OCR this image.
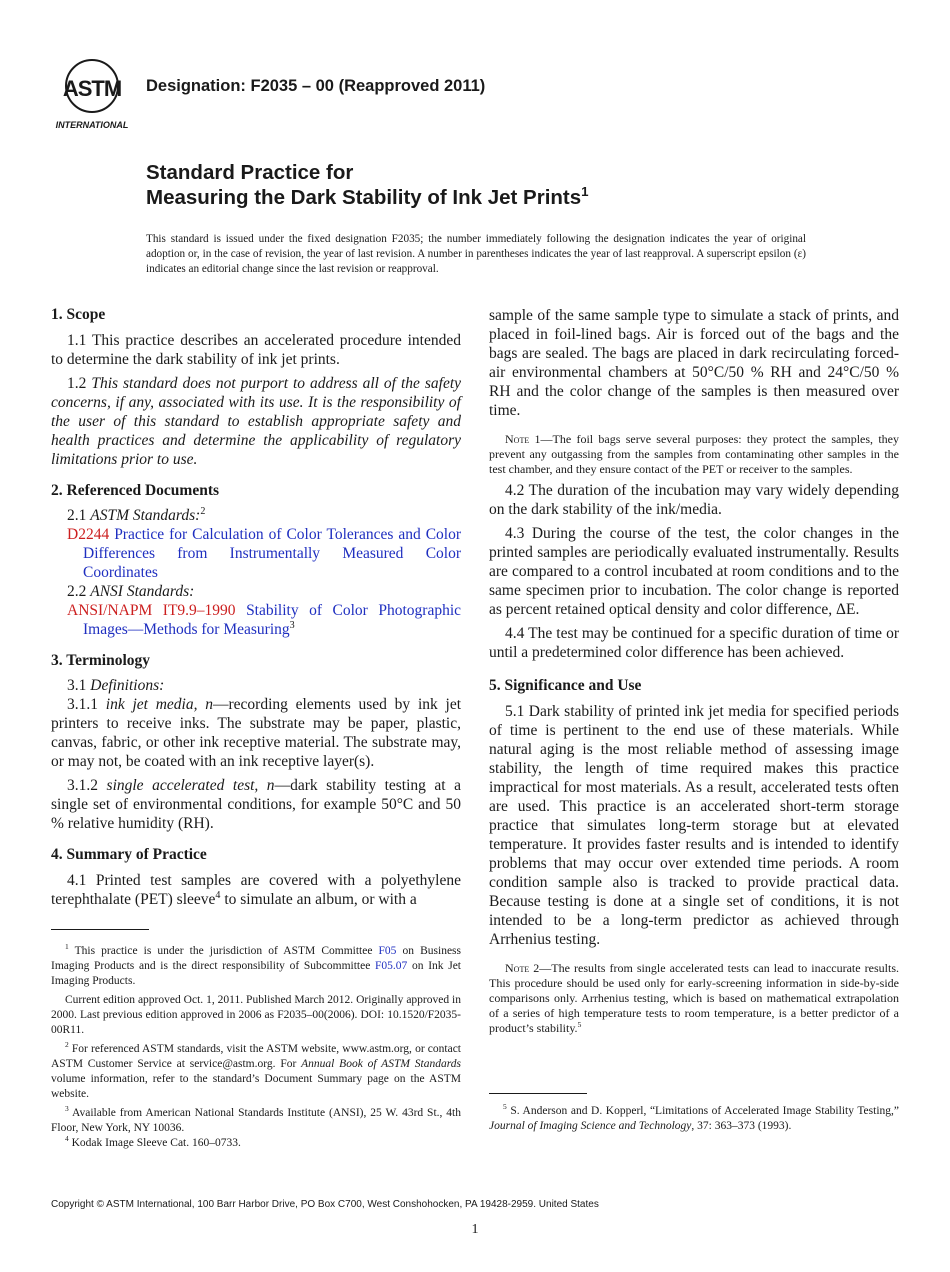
ASTM
INTERNATIONAL
Designation: F2035 – 00 (Reapproved 2011)
Standard Practice for
Measuring the Dark Stability of Ink Jet Prints$^1$
This standard is issued under the fixed designation F2035; the number immediately following the designation indicates the year of original adoption or, in the case of revision, the year of last revision. A number in parentheses indicates the year of last reapproval. A superscript epsilon (ε) indicates an editorial change since the last revision or reapproval.

1. Scope

1.1 This practice describes an accelerated procedure intended to determine the dark stability of ink jet prints.

1.2 This standard does not purport to address all of the safety concerns, if any, associated with its use. It is the responsibility of the user of this standard to establish appropriate safety and health practices and determine the applicability of regulatory limitations prior to use.

2. Referenced Documents

2.1 ASTM Standards:$^2$

D2244 Practice for Calculation of Color Tolerances and Color Differences from Instrumentally Measured Color Coordinates

2.2 ANSI Standards:

ANSI/NAPM IT9.9–1990 Stability of Color Photographic Images—Methods for Measuring$^3$

3. Terminology

3.1 Definitions:

3.1.1 ink jet media, n—recording elements used by ink jet printers to receive inks. The substrate may be paper, plastic, canvas, fabric, or other ink receptive material. The substrate may, or may not, be coated with an ink receptive layer(s).

3.1.2 single accelerated test, n—dark stability testing at a single set of environmental conditions, for example 50°C and 50 % relative humidity (RH).

4. Summary of Practice

4.1 Printed test samples are covered with a polyethylene terephthalate (PET) sleeve$^4$ to simulate an album, or with a

$^1$ This practice is under the jurisdiction of ASTM Committee F05 on Business Imaging Products and is the direct responsibility of Subcommittee F05.07 on Ink Jet Imaging Products.

Current edition approved Oct. 1, 2011. Published March 2012. Originally approved in 2000. Last previous edition approved in 2006 as F2035–00(2006). DOI: 10.1520/F2035-00R11.

$^2$ For referenced ASTM standards, visit the ASTM website, www.astm.org, or contact ASTM Customer Service at service@astm.org. For Annual Book of ASTM Standards volume information, refer to the standard’s Document Summary page on the ASTM website.

$^3$ Available from American National Standards Institute (ANSI), 25 W. 43rd St., 4th Floor, New York, NY 10036.

$^4$ Kodak Image Sleeve Cat. 160–0733.

sample of the same sample type to simulate a stack of prints, and placed in foil-lined bags. Air is forced out of the bags and the bags are sealed. The bags are placed in dark recirculating forced-air environmental chambers at 50°C/50 % RH and 24°C/50 % RH and the color change of the samples is then measured over time.

Note 1—The foil bags serve several purposes: they protect the samples, they prevent any outgassing from the samples from contaminating other samples in the test chamber, and they ensure contact of the PET or receiver to the samples.

4.2 The duration of the incubation may vary widely depending on the dark stability of the ink/media.

4.3 During the course of the test, the color changes in the printed samples are periodically evaluated instrumentally. Results are compared to a control incubated at room conditions and to the same specimen prior to incubation. The color change is reported as percent retained optical density and color difference, ΔE.

4.4 The test may be continued for a specific duration of time or until a predetermined color difference has been achieved.

5. Significance and Use

5.1 Dark stability of printed ink jet media for specified periods of time is pertinent to the end use of these materials. While natural aging is the most reliable method of assessing image stability, the length of time required makes this practice impractical for most materials. As a result, accelerated tests often are used. This practice is an accelerated short-term storage practice that simulates long-term storage but at elevated temperature. It provides faster results and is intended to identify problems that may occur over extended time periods. A room condition sample also is tracked to provide practical data. Because testing is done at a single set of conditions, it is not intended to be a long-term predictor as achieved through Arrhenius testing.

Note 2—The results from single accelerated tests can lead to inaccurate results. This procedure should be used only for early-screening information in side-by-side comparisons only. Arrhenius testing, which is based on mathematical extrapolation of a series of high temperature tests to room temperature, is a better predictor of a product’s stability.$^5$

$^5$ S. Anderson and D. Kopperl, “Limitations of Accelerated Image Stability Testing,” Journal of Imaging Science and Technology, 37: 363–373 (1993).

Copyright © ASTM International, 100 Barr Harbor Drive, PO Box C700, West Conshohocken, PA 19428-2959. United States
1
